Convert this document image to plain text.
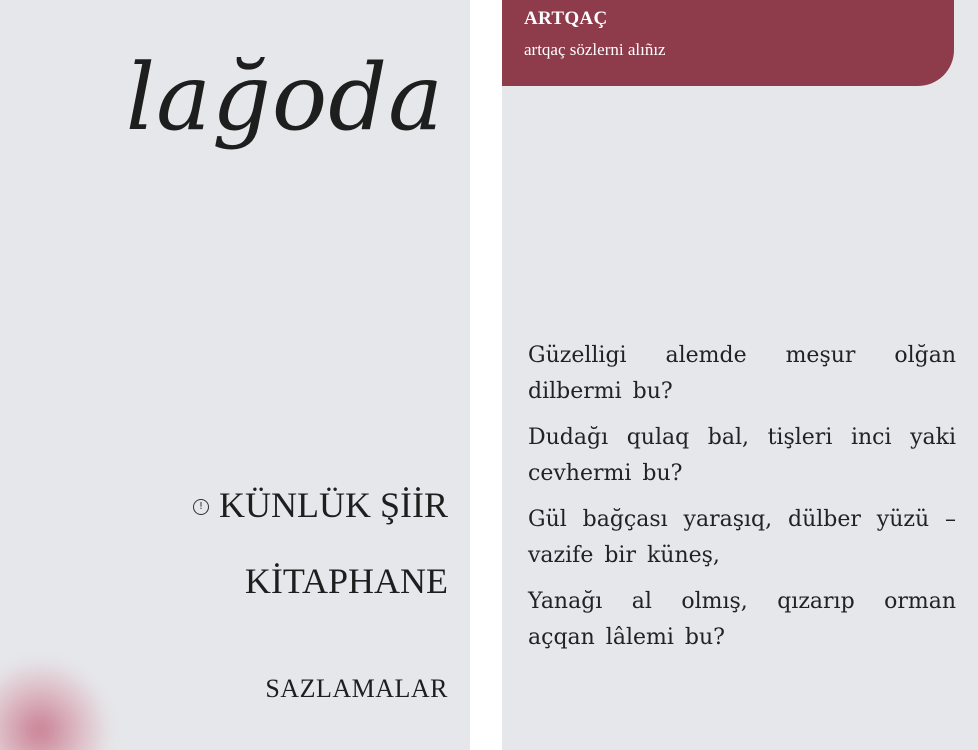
lağoda
! KÜNLÜK ŞİİR
KİTAPHANE
SAZLAMALAR
ARTQAÇ
artqaç sözlerni alıñız

Güzelligi alemde meşur olğan dilbermi bu?

Dudağı qulaq bal, tişleri inci yaki cevhermi bu?

Gül bağçası yaraşıq, dülber yüzü – vazife bir küneş,

Yanağı al olmış, qızarıp orman açqan lâlemi bu?
